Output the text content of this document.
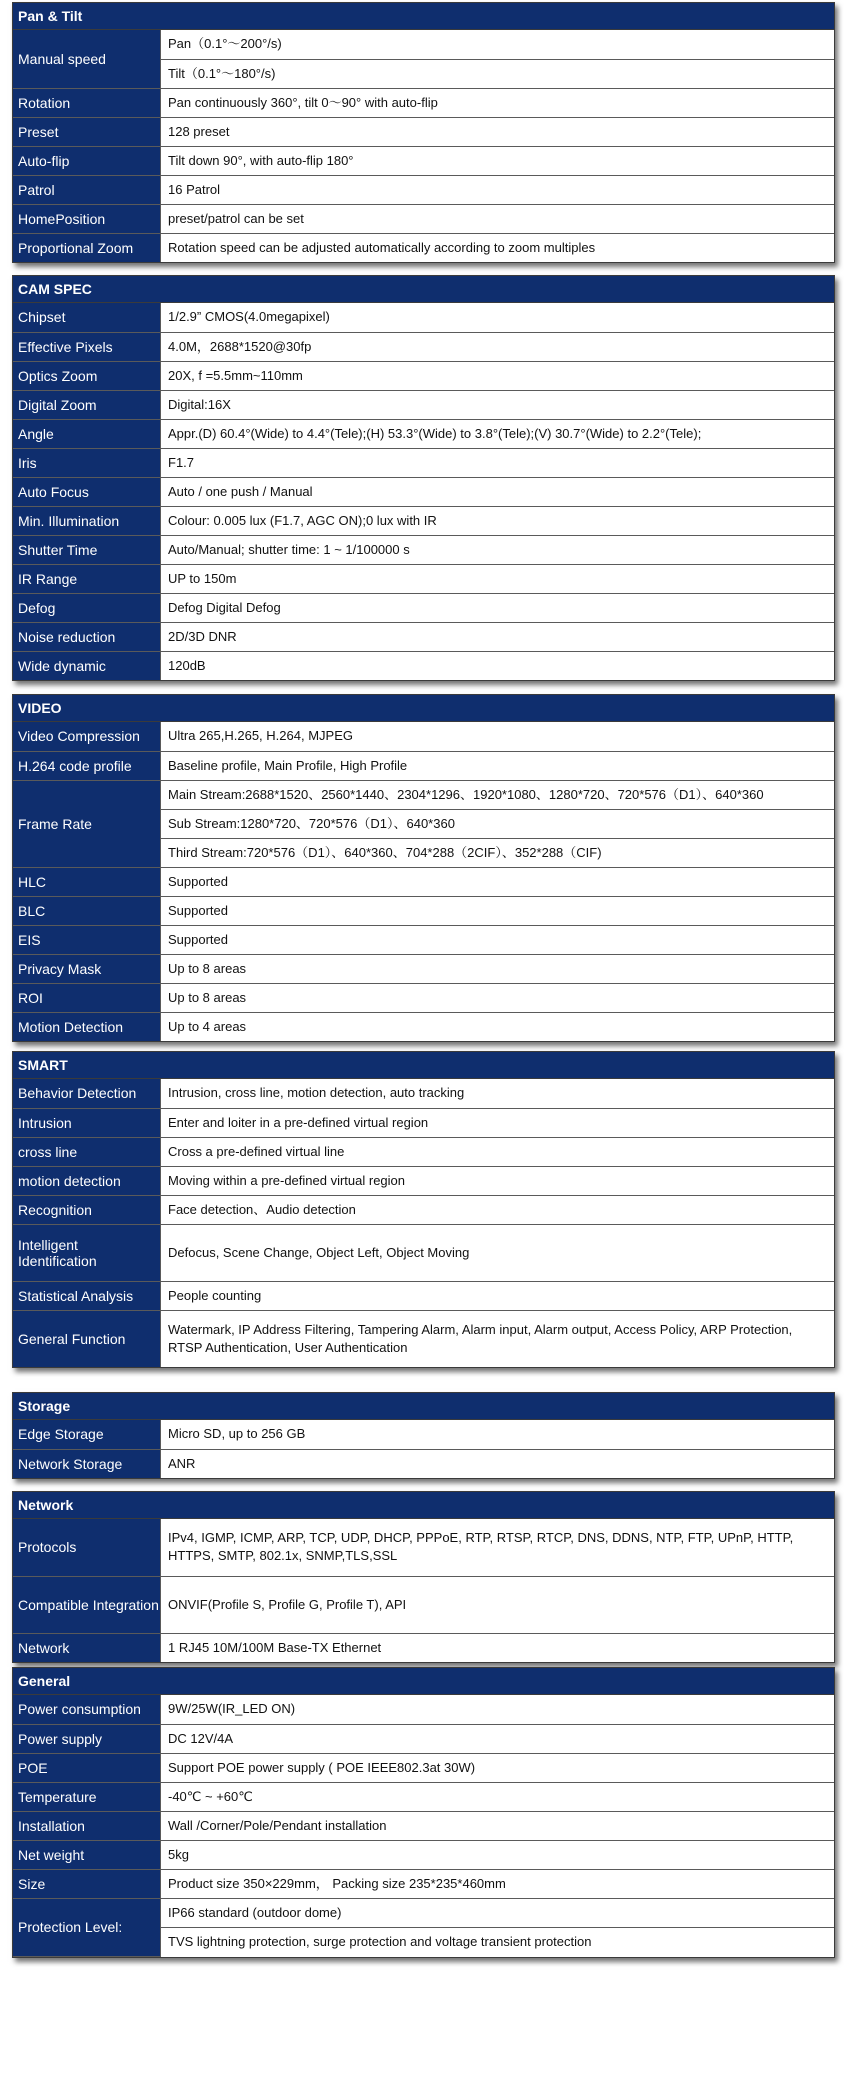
Pan & Tilt
Manual speed	Pan（0.1°～200°/s)
	Tilt（0.1°～180°/s)
Rotation	Pan continuously 360°, tilt 0～90° with auto-flip
Preset	128 preset
Auto-flip	Tilt down 90°, with auto-flip 180°
Patrol	16 Patrol
HomePosition	preset/patrol can be set
Proportional Zoom	Rotation speed can be adjusted automatically according to zoom multiples
CAM SPEC
Chipset	1/2.9” CMOS(4.0megapixel)
Effective Pixels	4.0M，2688*1520@30fp
Optics Zoom	20X, f =5.5mm~110mm
Digital Zoom	Digital:16X
Angle	Appr.(D) 60.4°(Wide) to 4.4°(Tele);(H) 53.3°(Wide) to 3.8°(Tele);(V) 30.7°(Wide) to 2.2°(Tele);
Iris	F1.7
Auto Focus	Auto / one push / Manual
Min. Illumination	Colour: 0.005 lux (F1.7, AGC ON);0 lux with IR
Shutter Time	Auto/Manual; shutter time: 1 ~ 1/100000 s
IR Range	UP to 150m
Defog	Defog Digital Defog
Noise reduction	2D/3D DNR
Wide dynamic	120dB
VIDEO
Video Compression	Ultra 265,H.265, H.264, MJPEG
H.264 code profile	Baseline profile, Main Profile, High Profile
Frame Rate	Main Stream:2688*1520、2560*1440、2304*1296、1920*1080、1280*720、720*576（D1）、640*360
	Sub Stream:1280*720、720*576（D1）、640*360
	Third Stream:720*576（D1）、640*360、704*288（2CIF）、352*288（CIF)
HLC	Supported
BLC	Supported
EIS	Supported
Privacy Mask	Up to 8 areas
ROI	Up to 8 areas
Motion Detection	Up to 4 areas
SMART
Behavior Detection	Intrusion, cross line, motion detection, auto tracking
Intrusion	Enter and loiter in a pre-defined virtual region
cross line	Cross a pre-defined virtual line
motion detection	Moving within a pre-defined virtual region
Recognition	Face detection、Audio detection
Intelligent Identification	Defocus, Scene Change, Object Left, Object Moving
Statistical Analysis	People counting
General Function	Watermark, IP Address Filtering, Tampering Alarm, Alarm input, Alarm output, Access Policy, ARP Protection, RTSP Authentication, User Authentication
Storage
Edge Storage	Micro SD, up to 256 GB
Network Storage	ANR
Network
Protocols	IPv4, IGMP, ICMP, ARP, TCP, UDP, DHCP, PPPoE, RTP, RTSP, RTCP, DNS, DDNS, NTP, FTP, UPnP, HTTP, HTTPS, SMTP, 802.1x, SNMP,TLS,SSL
Compatible Integration	ONVIF(Profile S, Profile G, Profile T), API
Network	1 RJ45 10M/100M Base-TX Ethernet
General
Power consumption	9W/25W(IR_LED ON)
Power supply	DC 12V/4A
POE	Support POE power supply ( POE IEEE802.3at 30W)
Temperature	-40℃ ~ +60℃
Installation	Wall /Corner/Pole/Pendant installation
Net weight	5kg
Size	Product size 350×229mm， Packing size 235*235*460mm
Protection Level:	IP66 standard (outdoor dome)
	TVS lightning protection, surge protection and voltage transient protection
